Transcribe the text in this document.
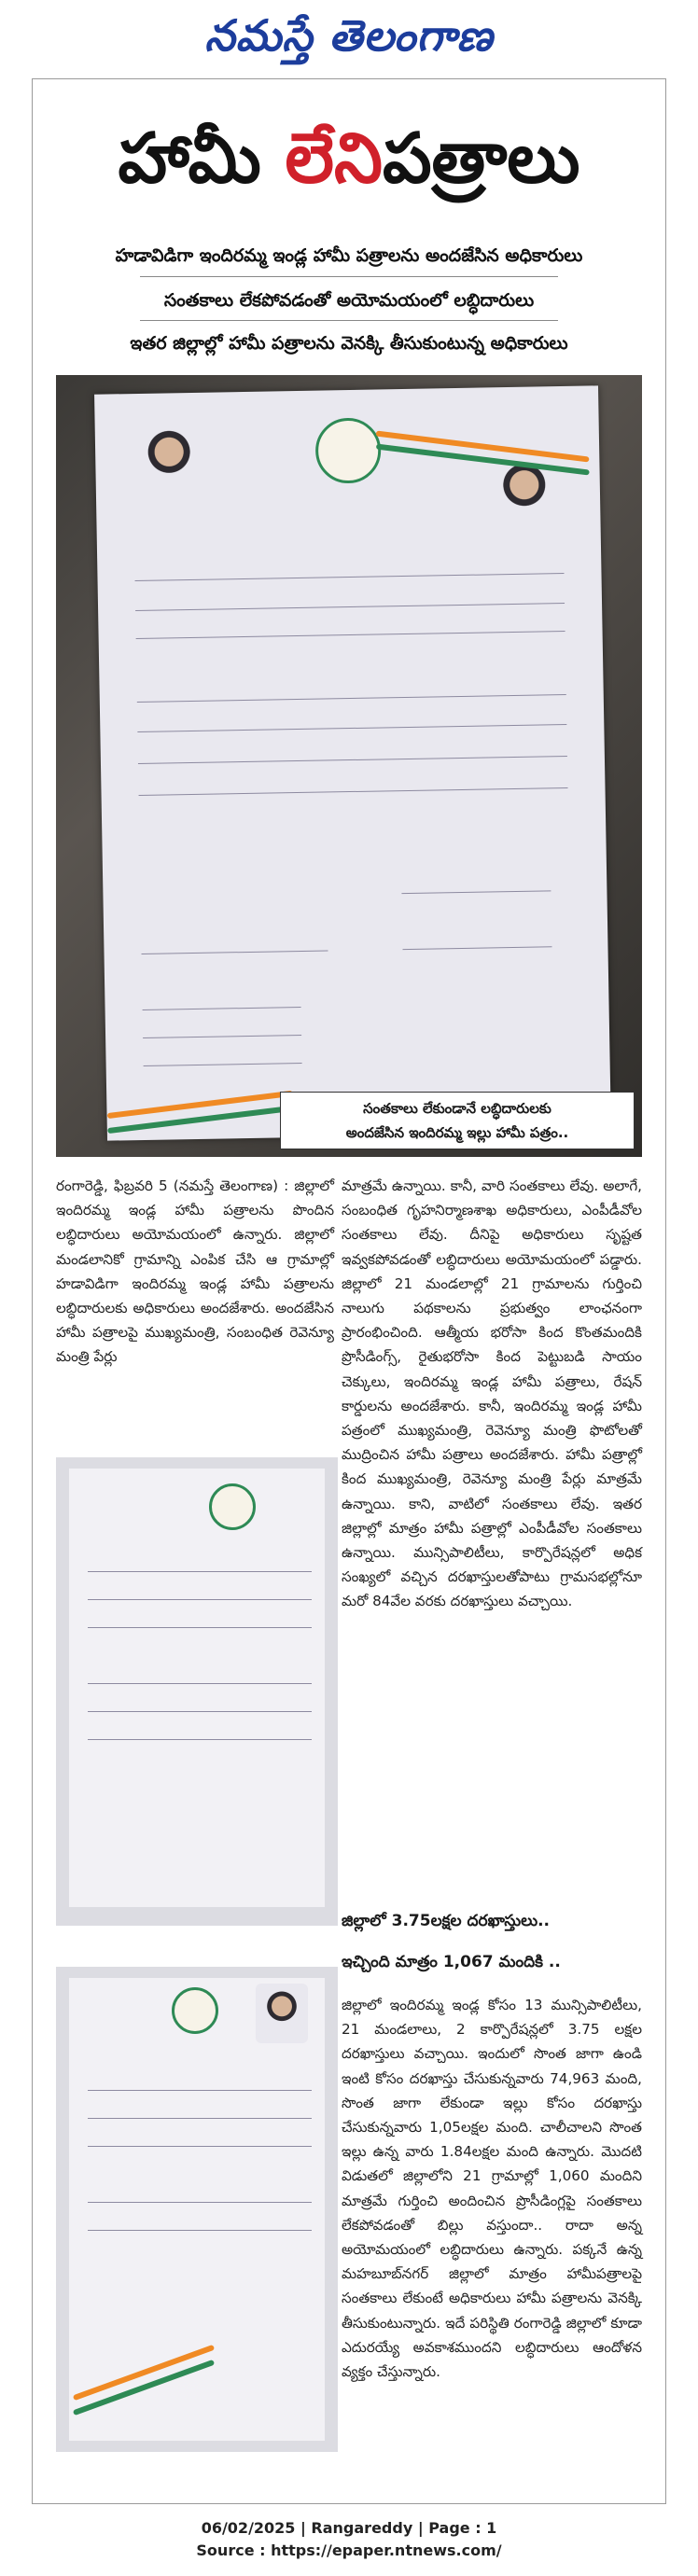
నమస్తే తెలంగాణ
హామీ లేనిపత్రాలు
హడావిడిగా ఇందిరమ్మ ఇండ్ల హామీ పత్రాలను అందజేసిన అధికారులు
సంతకాలు లేకపోవడంతో అయోమయంలో లబ్ధిదారులు
ఇతర జిల్లాల్లో హామీ పత్రాలను వెనక్కి తీసుకుంటున్న అధికారులు
సంతకాలు లేకుండానే లబ్ధిదారులకు
అందజేసిన ఇందిరమ్మ ఇల్లు హామీ పత్రం..
రంగారెడ్డి, ఫిబ్రవరి 5 (నమస్తే తెలంగాణ) : జిల్లాలో ఇందిరమ్మ ఇండ్ల హామీ పత్రాలను పొందిన లబ్ధిదారులు అయోమయంలో ఉన్నారు. జిల్లాలో మండలానికో గ్రామాన్ని ఎంపిక చేసి ఆ గ్రామాల్లో హడావిడిగా ఇందిరమ్మ ఇండ్ల హామీ పత్రాలను లబ్ధిదారులకు అధికారులు అందజేశారు. అందజేసిన హామీ పత్రాలపై ముఖ్యమంత్రి, సంబంధిత రెవెన్యూ మంత్రి పేర్లు
మాత్రమే ఉన్నాయి. కానీ, వారి సంతకాలు లేవు. అలాగే, సంబంధిత గృహనిర్మాణశాఖ అధికారులు, ఎంపీడీవోల సంతకాలు లేవు. దీనిపై అధికారులు సృష్టత ఇవ్వకపోవడంతో లబ్ధిదారులు అయోమయంలో పడ్డారు. జిల్లాలో 21 మండలాల్లో 21 గ్రామాలను గుర్తించి నాలుగు పథకాలను ప్రభుత్వం లాంఛనంగా ప్రారంభించింది. ఆత్మీయ భరోసా కింద కొంతమందికి ప్రొసీడింగ్స్, రైతుభరోసా కింద పెట్టుబడి సాయం చెక్కులు, ఇందిరమ్మ ఇండ్ల హామీ పత్రాలు, రేషన్ కార్డులను అందజేశారు. కానీ, ఇందిరమ్మ ఇండ్ల హామీ పత్రంలో ముఖ్యమంత్రి, రెవెన్యూ మంత్రి ఫొటోలతో ముద్రించిన హామీ పత్రాలు అందజేశారు. హామీ పత్రాల్లో కింద ముఖ్యమంత్రి, రెవెన్యూ మంత్రి పేర్లు మాత్రమే ఉన్నాయి. కాని, వాటిలో సంతకాలు లేవు. ఇతర జిల్లాల్లో మాత్రం హామీ పత్రాల్లో ఎంపీడీవోల సంతకాలు ఉన్నాయి. మున్సిపాలిటీలు, కార్పొరేషన్లలో అధిక సంఖ్యలో వచ్చిన దరఖాస్తులతోపాటు గ్రామసభల్లోనూ మరో 84వేల వరకు దరఖాస్తులు వచ్చాయి.
జిల్లాలో 3.75లక్షల దరఖాస్తులు..
ఇచ్చింది మాత్రం 1,067 మందికి ..
జిల్లాలో ఇందిరమ్మ ఇండ్ల కోసం 13 మున్సిపాలిటీలు, 21 మండలాలు, 2 కార్పొరేషన్లలో 3.75 లక్షల దరఖాస్తులు వచ్చాయి. ఇందులో సొంత జాగా ఉండి ఇంటి కోసం దరఖాస్తు చేసుకున్నవారు 74,963 మంది, సొంత జాగా లేకుండా ఇల్లు కోసం దరఖాస్తు చేసుకున్నవారు 1,05లక్షల మంది. చాలీచాలని సొంత ఇల్లు ఉన్న వారు 1.84లక్షల మంది ఉన్నారు. మొదటి విడుతలో జిల్లాలోని 21 గ్రామాల్లో 1,060 మందిని మాత్రమే గుర్తించి అందించిన ప్రొసీడింగ్లపై సంతకాలు లేకపోవడంతో బిల్లు వస్తుందా.. రాదా అన్న అయోమయంలో లబ్ధిదారులు ఉన్నారు. పక్కనే ఉన్న మహబూబ్‌నగర్ జిల్లాలో మాత్రం హామీపత్రాలపై సంతకాలు లేకుంటే అధికారులు హామీ పత్రాలను వెనక్కి తీసుకుంటున్నారు. ఇదే పరిస్థితి రంగారెడ్డి జిల్లాలో కూడా ఎదురయ్యే అవకాశముందని లబ్ధిదారులు ఆందోళన వ్యక్తం చేస్తున్నారు.
06/02/2025 | Rangareddy | Page : 1
Source : https://epaper.ntnews.com/
